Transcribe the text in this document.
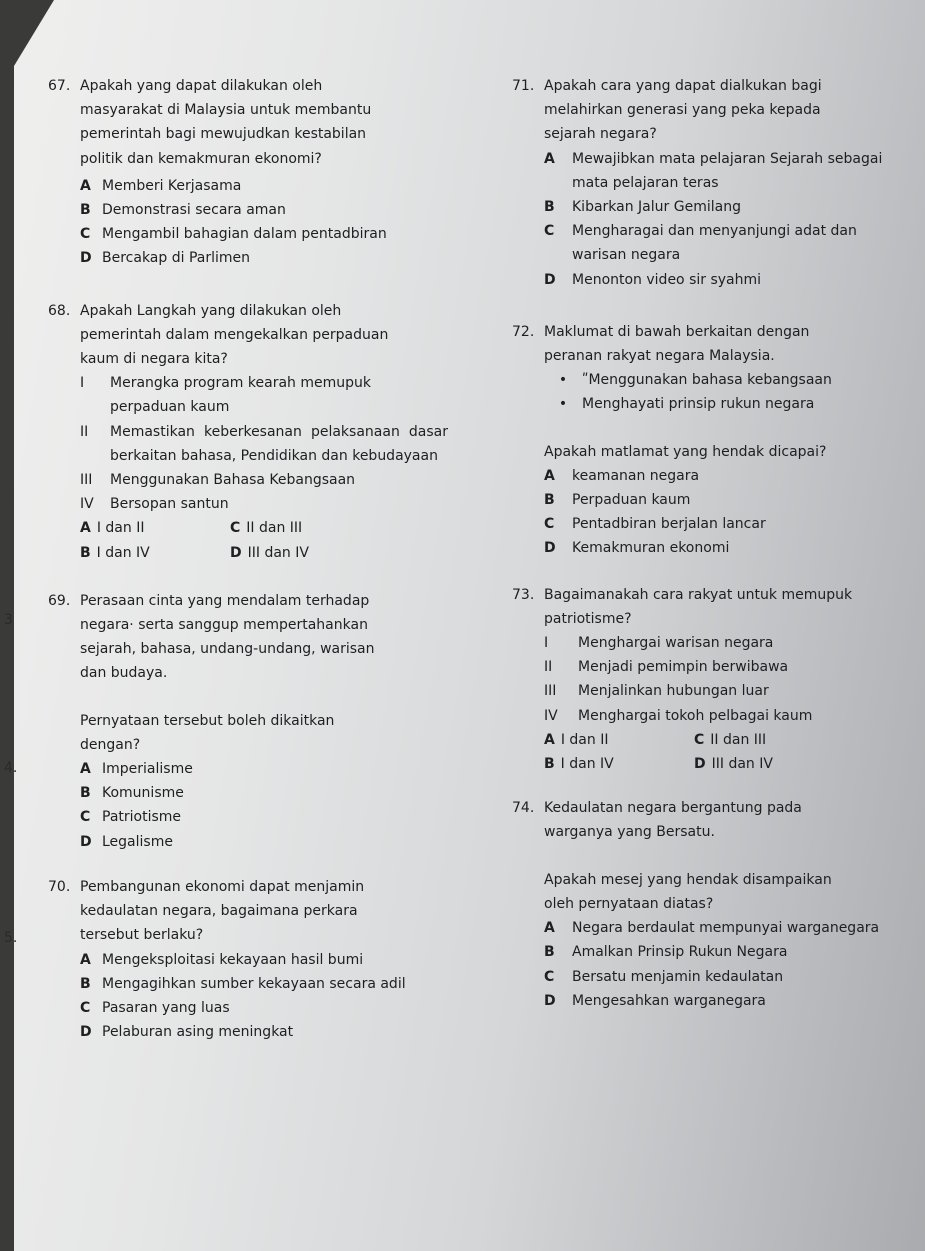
3
4.
5.
67. Apakah yang dapat dilakukan oleh
masyarakat di Malaysia untuk membantu
pemerintah bagi mewujudkan kestabilan
politik dan kemakmuran ekonomi?
A Memberi Kerjasama
B Demonstrasi secara aman
C Mengambil bahagian dalam pentadbiran
D Bercakap di Parlimen
68. Apakah Langkah yang dilakukan oleh
pemerintah dalam mengekalkan perpaduan
kaum di negara kita?
I	Merangka program kearah memupuk perpaduan kaum
II	Memastikan keberkesanan pelaksanaan dasar berkaitan bahasa, Pendidikan dan kebudayaan
III	Menggunakan Bahasa Kebangsaan
IV	Bersopan santun
A I dan II	C II dan III
B I dan IV	D III dan IV
69. Perasaan cinta yang mendalam terhadap
negara· serta sanggup mempertahankan
sejarah, bahasa, undang-undang, warisan
dan budaya.
Pernyataan tersebut boleh dikaitkan
dengan?
A Imperialisme
B Komunisme
C Patriotisme
D Legalisme
70. Pembangunan ekonomi dapat menjamin
kedaulatan negara, bagaimana perkara
tersebut berlaku?
A Mengeksploitasi kekayaan hasil bumi
B Mengagihkan sumber kekayaan secara adil
C Pasaran yang luas
D Pelaburan asing meningkat
71. Apakah cara yang dapat dialkukan bagi
melahirkan generasi yang peka kepada
sejarah negara?
A	Mewajibkan mata pelajaran Sejarah sebagai mata pelajaran teras
B	Kibarkan Jalur Gemilang
C	Mengharagai dan menyanjungi adat dan warisan negara
D	Menonton video sir syahmi
72. Maklumat di bawah berkaitan dengan
peranan rakyat negara Malaysia.
•	ʺMenggunakan bahasa kebangsaan
•	Menghayati prinsip rukun negara
Apakah matlamat yang hendak dicapai?
A	keamanan negara
B	Perpaduan kaum
C	Pentadbiran berjalan lancar
D	Kemakmuran ekonomi
73. Bagaimanakah cara rakyat untuk memupuk
patriotisme?
I	Menghargai warisan negara
II	Menjadi pemimpin berwibawa
III	Menjalinkan hubungan luar
IV	Menghargai tokoh pelbagai kaum
A I dan II	C II dan III
B I dan IV	D III dan IV
74. Kedaulatan negara bergantung pada
warganya yang Bersatu.
Apakah mesej yang hendak disampaikan
oleh pernyataan diatas?
A	Negara berdaulat mempunyai warganegara
B	Amalkan Prinsip Rukun Negara
C	Bersatu menjamin kedaulatan
D	Mengesahkan warganegara
